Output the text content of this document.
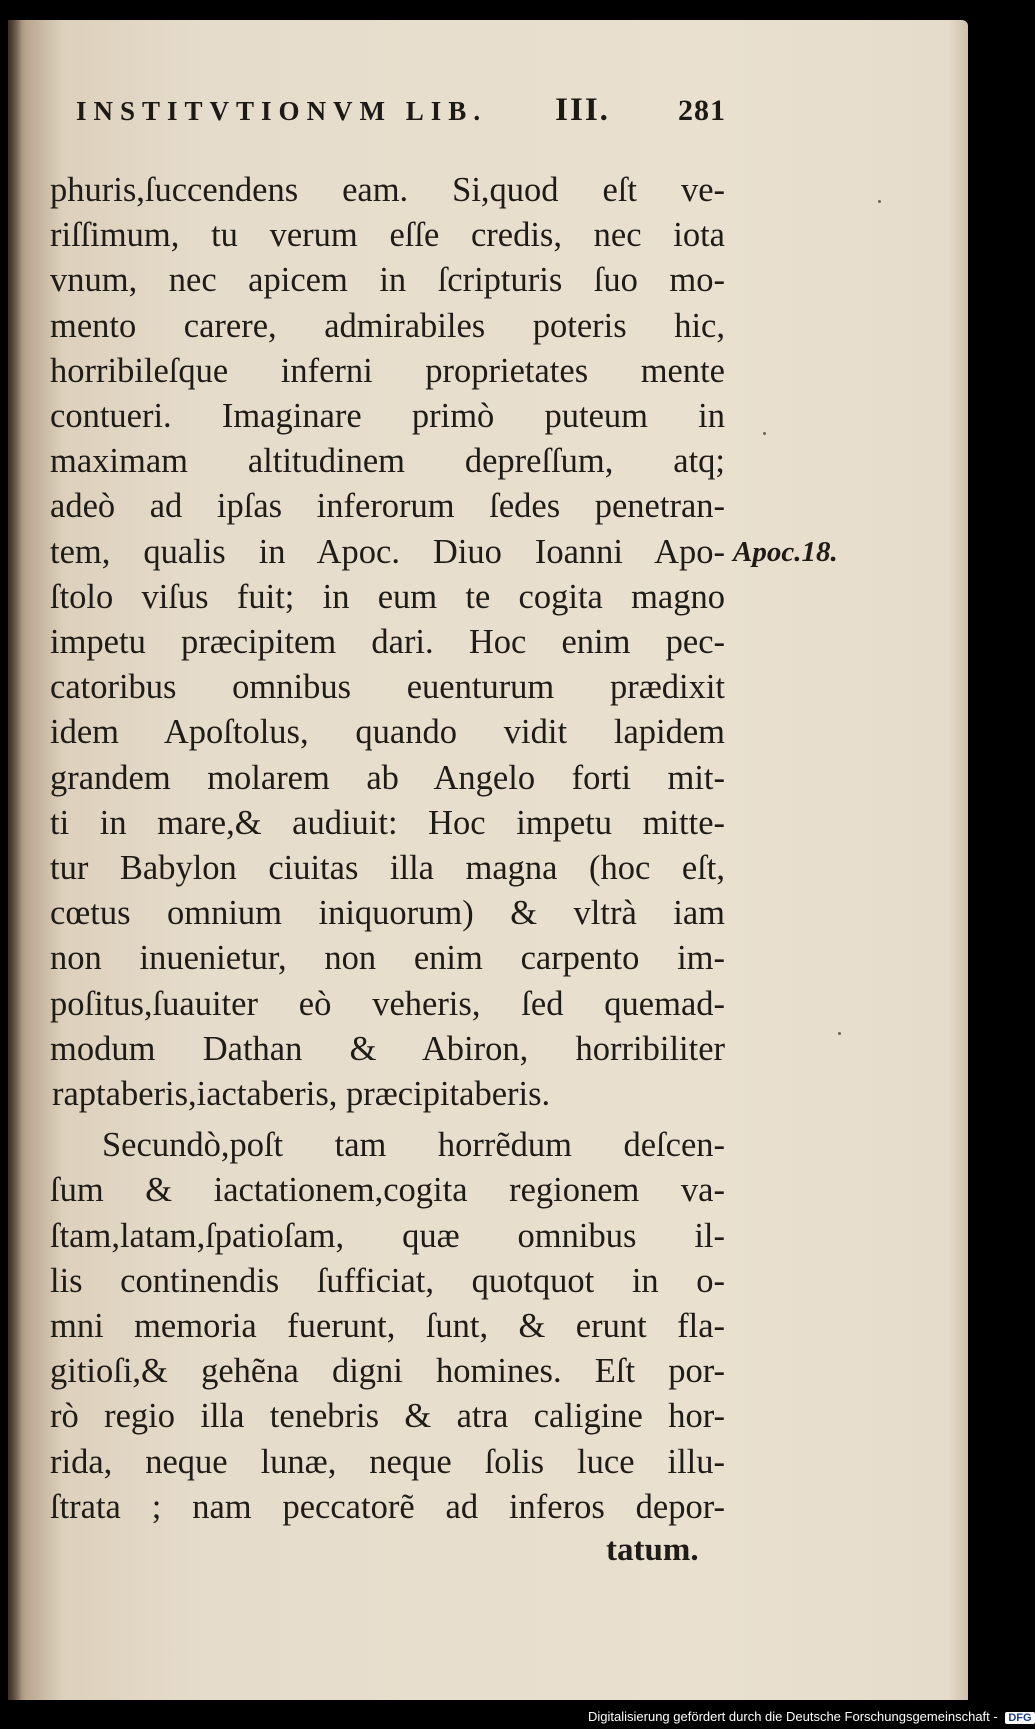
INSTITVTIONVM LIB. III. 281
phuris,ſuccendens eam. Si,quod eſt ve-
riſſimum, tu verum eſſe credis, nec iota
vnum, nec apicem in ſcripturis ſuo mo-
mento carere, admirabiles poteris hic,
horribileſque inferni proprietates mente
contueri. Imaginare primò puteum in
maximam altitudinem depreſſum, atq;
adeò ad ipſas inferorum ſedes penetran-
tem, qualis in Apoc. Diuo Ioanni Apo-
ſtolo viſus fuit; in eum te cogita magno
impetu præcipitem dari. Hoc enim pec-
catoribus omnibus euenturum prædixit
idem Apoſtolus, quando vidit lapidem
grandem molarem ab Angelo forti mit-
ti in mare,& audiuit: Hoc impetu mitte-
tur Babylon ciuitas illa magna (hoc eſt,
cœtus omnium iniquorum) & vltrà iam
non inuenietur, non enim carpento im-
poſitus,ſuauiter eò veheris, ſed quemad-
modum Dathan & Abiron, horribiliter
raptaberis,iactaberis, præcipitaberis.
Secundò,poſt tam horrẽdum deſcen-
ſum & iactationem,cogita regionem va-
ſtam,latam,ſpatioſam, quæ omnibus il-
lis continendis ſufficiat, quotquot in o-
mni memoria fuerunt, ſunt, & erunt fla-
gitioſi,& gehẽna digni homines. Eſt por-
rò regio illa tenebris & atra caligine hor-
rida, neque lunæ, neque ſolis luce illu-
ſtrata ; nam peccatorẽ ad inferos depor-
tatum.
Apoc.18.
Digitalisierung gefördert durch die Deutsche Forschungsgemeinschaft - DFG
